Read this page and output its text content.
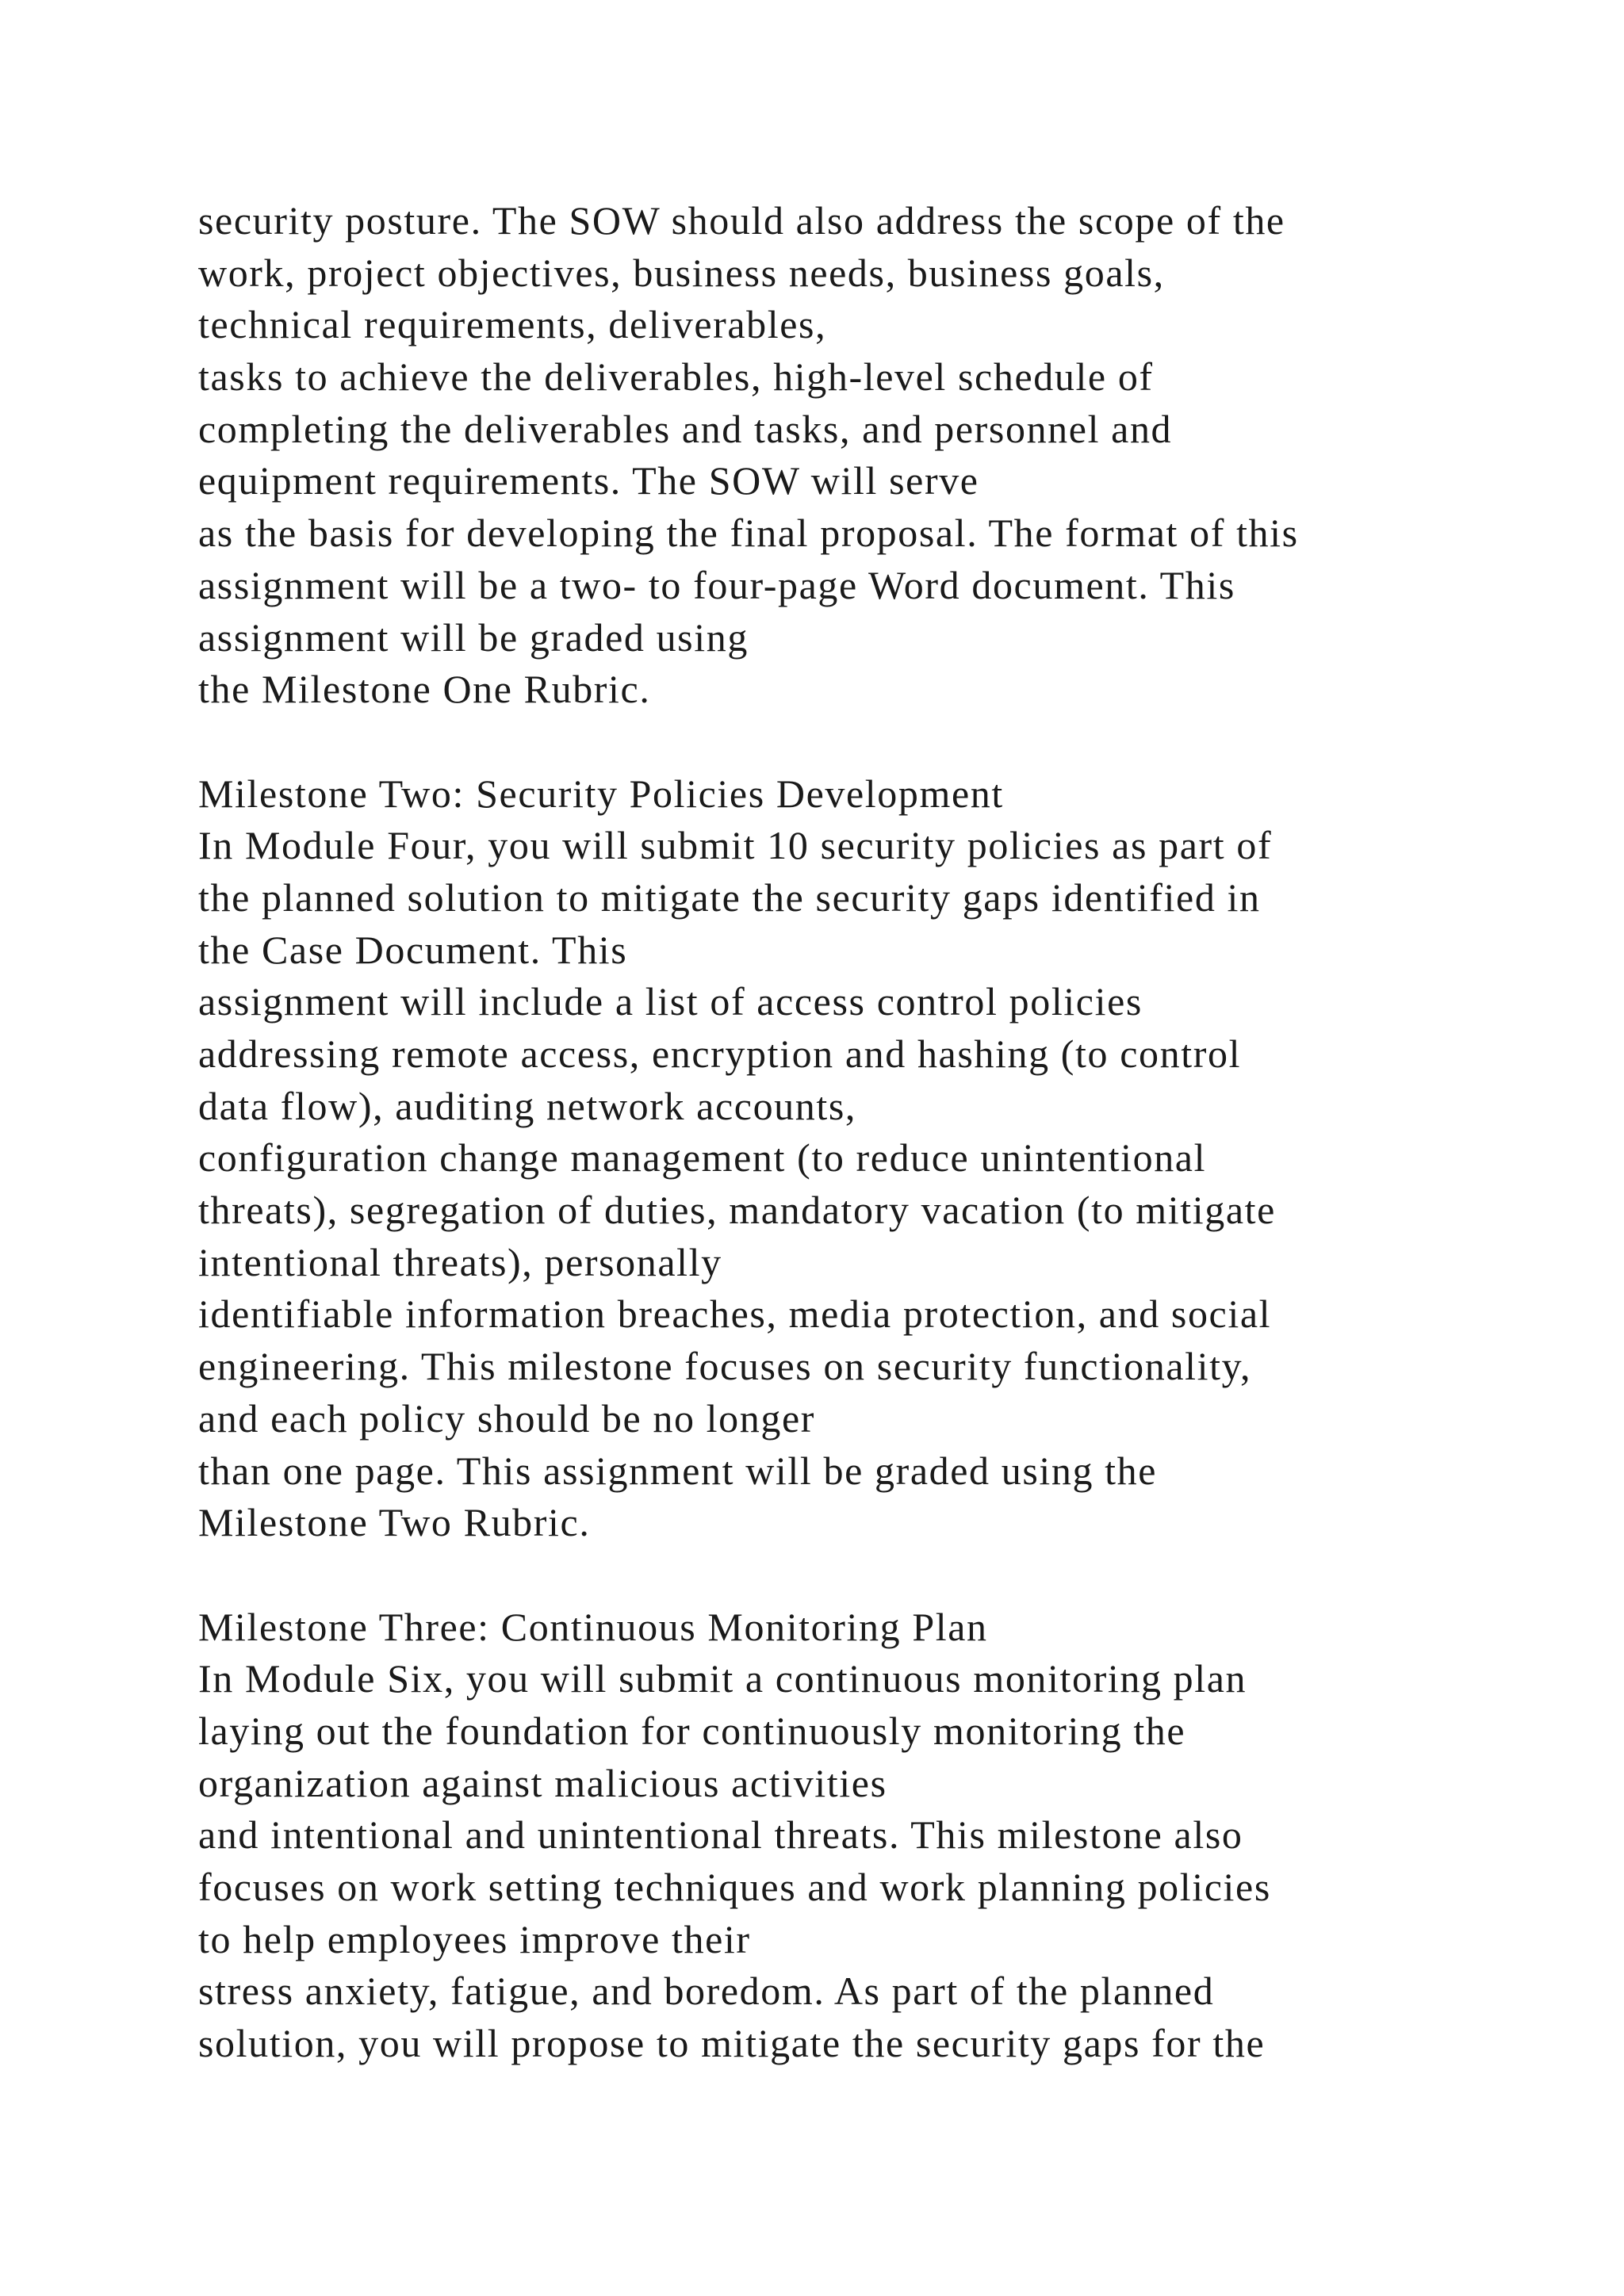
security posture. The SOW should also address the scope of the
work, project objectives, business needs, business goals,
technical requirements, deliverables,
tasks to achieve the deliverables, high-level schedule of
completing the deliverables and tasks, and personnel and
equipment requirements. The SOW will serve
as the basis for developing the final proposal. The format of this
assignment will be a two- to four-page Word document. This
assignment will be graded using
the Milestone One Rubric.
Milestone Two: Security Policies Development
In Module Four, you will submit 10 security policies as part of
the planned solution to mitigate the security gaps identified in
the Case Document. This
assignment will include a list of access control policies
addressing remote access, encryption and hashing (to control
data flow), auditing network accounts,
configuration change management (to reduce unintentional
threats), segregation of duties, mandatory vacation (to mitigate
intentional threats), personally
identifiable information breaches, media protection, and social
engineering. This milestone focuses on security functionality,
and each policy should be no longer
than one page. This assignment will be graded using the
Milestone Two Rubric.
Milestone Three: Continuous Monitoring Plan
In Module Six, you will submit a continuous monitoring plan
laying out the foundation for continuously monitoring the
organization against malicious activities
and intentional and unintentional threats. This milestone also
focuses on work setting techniques and work planning policies
to help employees improve their
stress anxiety, fatigue, and boredom. As part of the planned
solution, you will propose to mitigate the security gaps for the
